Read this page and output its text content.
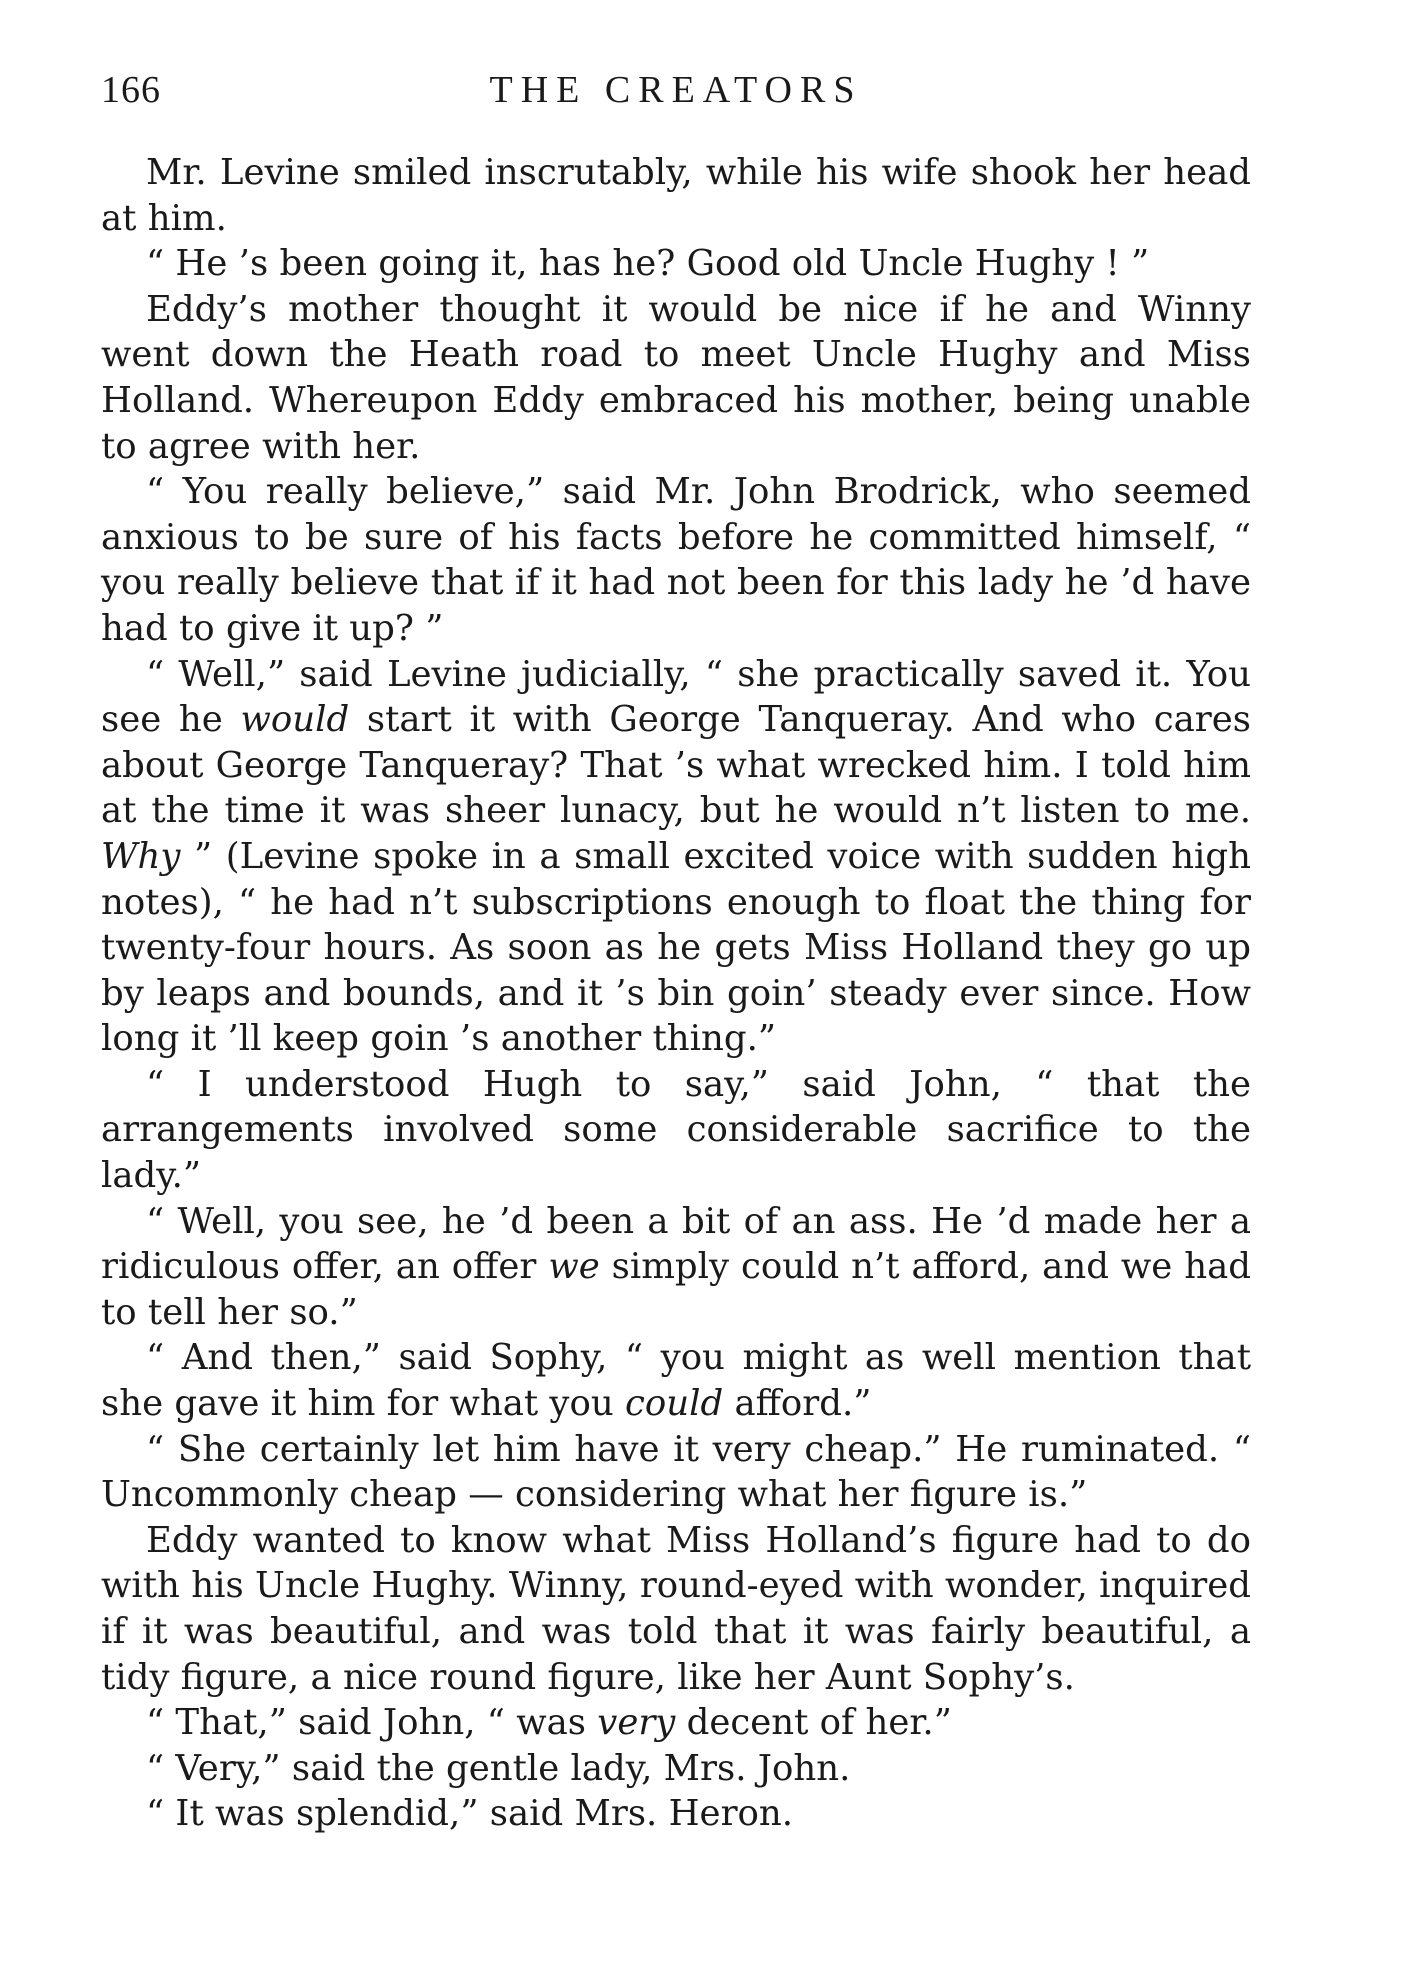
166	THE CREATORS

Mr. Levine smiled inscrutably, while his wife shook her head at him.

“ He ’s been going it, has he? Good old Uncle Hughy ! ”

Eddy’s mother thought it would be nice if he and Winny went down the Heath road to meet Uncle Hughy and Miss Holland. Whereupon Eddy embraced his mother, being unable to agree with her.

“ You really believe,” said Mr. John Brodrick, who seemed anxious to be sure of his facts before he committed himself, “ you really believe that if it had not been for this lady he ’d have had to give it up? ”

“ Well,” said Levine judicially, “ she practically saved it. You see he would start it with George Tanqueray. And who cares about George Tanqueray? That ’s what wrecked him. I told him at the time it was sheer lunacy, but he would n’t listen to me. Why ” (Levine spoke in a small excited voice with sudden high notes), “ he had n’t subscriptions enough to float the thing for twenty-four hours. As soon as he gets Miss Holland they go up by leaps and bounds, and it ’s bin goin’ steady ever since. How long it ’ll keep goin ’s another thing.”

“ I understood Hugh to say,” said John, “ that the arrangements involved some considerable sacrifice to the lady.”

“ Well, you see, he ’d been a bit of an ass. He ’d made her a ridiculous offer, an offer we simply could n’t afford, and we had to tell her so.”

“ And then,” said Sophy, “ you might as well mention that she gave it him for what you could afford.”

“ She certainly let him have it very cheap.” He ruminated. “ Uncommonly cheap — considering what her figure is.”

Eddy wanted to know what Miss Holland’s figure had to do with his Uncle Hughy. Winny, round-eyed with wonder, inquired if it was beautiful, and was told that it was fairly beautiful, a tidy figure, a nice round figure, like her Aunt Sophy’s.

“ That,” said John, “ was very decent of her.”

“ Very,” said the gentle lady, Mrs. John.

“ It was splendid,” said Mrs. Heron.
